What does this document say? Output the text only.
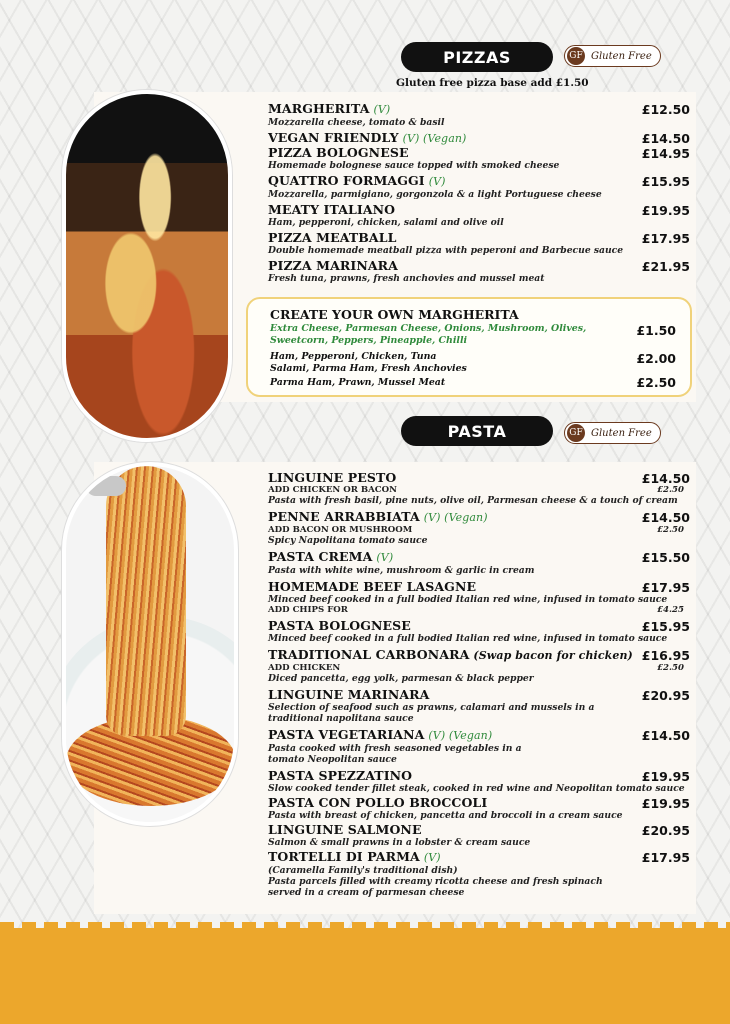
PIZZAS	GF Gluten Free
Gluten free pizza base add £1.50
MARGHERITA (V)	£12.50
Mozzarella cheese, tomato & basil
VEGAN FRIENDLY (V) (Vegan)	£14.50
PIZZA BOLOGNESE	£14.95
Homemade bolognese sauce topped with smoked cheese
QUATTRO FORMAGGI (V)	£15.95
Mozzarella, parmigiano, gorgonzola & a light Portuguese cheese
MEATY ITALIANO	£19.95
Ham, pepperoni, chicken, salami and olive oil
PIZZA MEATBALL	£17.95
Double homemade meatball pizza with peperoni and Barbecue sauce
PIZZA MARINARA	£21.95
Fresh tuna, prawns, fresh anchovies and mussel meat
CREATE YOUR OWN MARGHERITA
Extra Cheese, Parmesan Cheese, Onions, Mushroom, Olives,
Sweetcorn, Peppers, Pineapple, Chilli
£1.50
Ham, Pepperoni, Chicken, Tuna
Salami, Parma Ham, Fresh Anchovies
£2.00
Parma Ham, Prawn, Mussel Meat	£2.50
PASTA	GF Gluten Free
LINGUINE PESTO	£14.50
ADD CHICKEN OR BACON	£2.50
Pasta with fresh basil, pine nuts, olive oil, Parmesan cheese & a touch of cream
PENNE ARRABBIATA (V) (Vegan)	£14.50
ADD BACON OR MUSHROOM	£2.50
Spicy Napolitana tomato sauce
PASTA CREMA (V)	£15.50
Pasta with white wine, mushroom & garlic in cream
HOMEMADE BEEF LASAGNE	£17.95
Minced beef cooked in a full bodied Italian red wine, infused in tomato sauce
ADD CHIPS FOR	£4.25
PASTA BOLOGNESE	£15.95
Minced beef cooked in a full bodied Italian red wine, infused in tomato sauce
TRADITIONAL CARBONARA (Swap bacon for chicken) £16.95
ADD CHICKEN	£2.50
Diced pancetta, egg yolk, parmesan & black pepper
LINGUINE MARINARA	£20.95
Selection of seafood such as prawns, calamari and mussels in a
traditional napolitana sauce
PASTA VEGETARIANA (V) (Vegan)	£14.50
Pasta cooked with fresh seasoned vegetables in a
tomato Neopolitan sauce
PASTA SPEZZATINO	£19.95
Slow cooked tender fillet steak, cooked in red wine and Neopolitan tomato sauce
PASTA CON POLLO BROCCOLI	£19.95
Pasta with breast of chicken, pancetta and broccoli in a cream sauce
LINGUINE SALMONE	£20.95
Salmon & small prawns in a lobster & cream sauce
TORTELLI DI PARMA (V)	£17.95
(Caramella Family's traditional dish)
Pasta parcels filled with creamy ricotta cheese and fresh spinach
served in a cream of parmesan cheese
